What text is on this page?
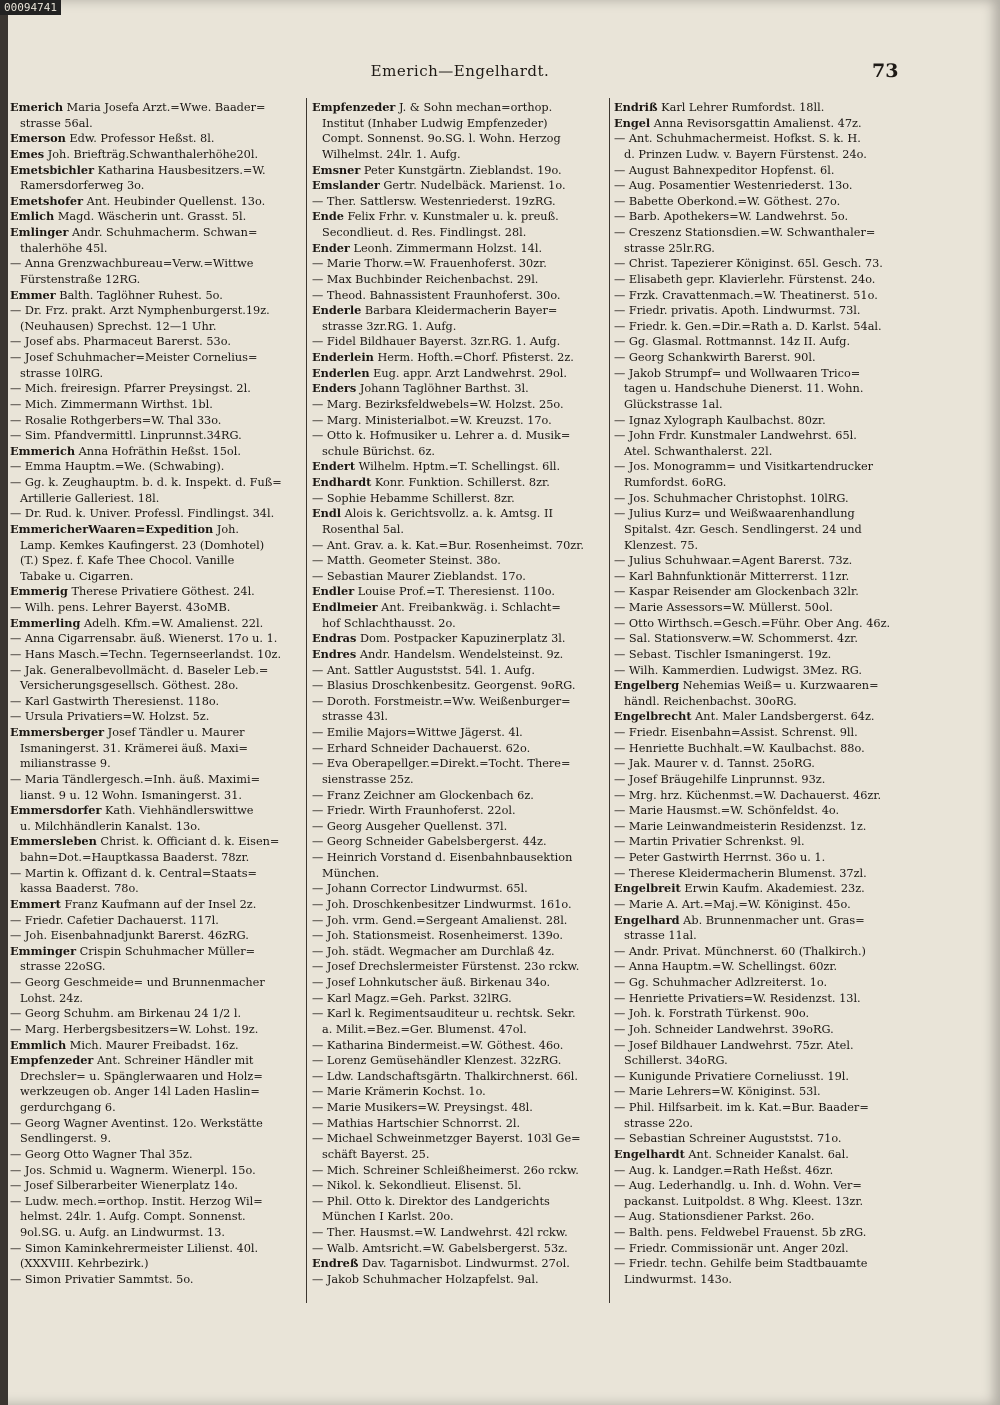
00094741
Emerich—Engelhardt.	73
Emerich Maria Josefa Arzt.=Wwe. Baader=
strasse 56al.
Emerson Edw. Professor Heßst. 8l.
Emes Joh. Briefträg.Schwanthalerhöhe20l.
Emetsbichler Katharina Hausbesitzers.=W.
Ramersdorferweg 3o.
Emetshofer Ant. Heubinder Quellenst. 13o.
Emlich Magd. Wäscherin unt. Grasst. 5l.
Emlinger Andr. Schuhmacherm. Schwan=
thalerhöhe 45l.
— Anna Grenzwachbureau=Verw.=Wittwe
Fürstenstraße 12RG.
Emmer Balth. Taglöhner Ruhest. 5o.
— Dr. Frz. prakt. Arzt Nymphenburgerst.19z.
(Neuhausen) Sprechst. 12—1 Uhr.
— Josef abs. Pharmaceut Barerst. 53o.
— Josef Schuhmacher=Meister Cornelius=
strasse 10lRG.
— Mich. freiresign. Pfarrer Preysingst. 2l.
— Mich. Zimmermann Wirthst. 1bl.
— Rosalie Rothgerbers=W. Thal 33o.
— Sim. Pfandvermittl. Linprunnst.34RG.
Emmerich Anna Hofräthin Heßst. 15ol.
— Emma Hauptm.=We. (Schwabing).
— Gg. k. Zeughauptm. b. d. k. Inspekt. d. Fuß=
Artillerie Galleriest. 18l.
— Dr. Rud. k. Univer. Professl. Findlingst. 34l.
EmmericherWaaren=Expedition Joh.
Lamp. Kemkes Kaufingerst. 23 (Domhotel)
(T.) Spez. f. Kafe Thee Chocol. Vanille
Tabake u. Cigarren.
Emmerig Therese Privatiere Göthest. 24l.
— Wilh. pens. Lehrer Bayerst. 43oMB.
Emmerling Adelh. Kfm.=W. Amalienst. 22l.
— Anna Cigarrensabr. äuß. Wienerst. 17o u. 1.
— Hans Masch.=Techn. Tegernseerlandst. 10z.
— Jak. Generalbevollmächt. d. Baseler Leb.=
Versicherungsgesellsch. Göthest. 28o.
— Karl Gastwirth Theresienst. 118o.
— Ursula Privatiers=W. Holzst. 5z.
Emmersberger Josef Tändler u. Maurer
Ismaningerst. 31. Krämerei äuß. Maxi=
milianstrasse 9.
— Maria Tändlergesch.=Inh. äuß. Maximi=
lianst. 9 u. 12 Wohn. Ismaningerst. 31.
Emmersdorfer Kath. Viehhändlerswittwe
u. Milchhändlerin Kanalst. 13o.
Emmersleben Christ. k. Officiant d. k. Eisen=
bahn=Dot.=Hauptkassa Baaderst. 78zr.
— Martin k. Offizant d. k. Central=Staats=
kassa Baaderst. 78o.
Emmert Franz Kaufmann auf der Insel 2z.
— Friedr. Cafetier Dachauerst. 117l.
— Joh. Eisenbahnadjunkt Barerst. 46zRG.
Emminger Crispin Schuhmacher Müller=
strasse 22oSG.
— Georg Geschmeide= und Brunnenmacher
Lohst. 24z.
— Georg Schuhm. am Birkenau 24 1/2 l.
— Marg. Herbergsbesitzers=W. Lohst. 19z.
Emmlich Mich. Maurer Freibadst. 16z.
Empfenzeder Ant. Schreiner Händler mit
Drechsler= u. Spänglerwaaren und Holz=
werkzeugen ob. Anger 14l Laden Haslin=
gerdurchgang 6.
— Georg Wagner Aventinst. 12o. Werkstätte
Sendlingerst. 9.
— Georg Otto Wagner Thal 35z.
— Jos. Schmid u. Wagnerm. Wienerpl. 15o.
— Josef Silberarbeiter Wienerplatz 14o.
— Ludw. mech.=orthop. Instit. Herzog Wil=
helmst. 24lr. 1. Aufg. Compt. Sonnenst.
9ol.SG. u. Aufg. an Lindwurmst. 13.
— Simon Kaminkehrermeister Lilienst. 40l.
(XXXVIII. Kehrbezirk.)
— Simon Privatier Sammtst. 5o.
Empfenzeder J. & Sohn mechan=orthop.
Institut (Inhaber Ludwig Empfenzeder)
Compt. Sonnenst. 9o.SG. l. Wohn. Herzog
Wilhelmst. 24lr. 1. Aufg.
Emsner Peter Kunstgärtn. Zieblandst. 19o.
Emslander Gertr. Nudelbäck. Marienst. 1o.
— Ther. Sattlersw. Westenriederst. 19zRG.
Ende Felix Frhr. v. Kunstmaler u. k. preuß.
Secondlieut. d. Res. Findlingst. 28l.
Ender Leonh. Zimmermann Holzst. 14l.
— Marie Thorw.=W. Frauenhoferst. 30zr.
— Max Buchbinder Reichenbachst. 29l.
— Theod. Bahnassistent Fraunhoferst. 30o.
Enderle Barbara Kleidermacherin Bayer=
strasse 3zr.RG. 1. Aufg.
— Fidel Bildhauer Bayerst. 3zr.RG. 1. Aufg.
Enderlein Herm. Hofth.=Chorf. Pfisterst. 2z.
Enderlen Eug. appr. Arzt Landwehrst. 29ol.
Enders Johann Taglöhner Barthst. 3l.
— Marg. Bezirksfeldwebels=W. Holzst. 25o.
— Marg. Ministerialbot.=W. Kreuzst. 17o.
— Otto k. Hofmusiker u. Lehrer a. d. Musik=
schule Bürichst. 6z.
Endert Wilhelm. Hptm.=T. Schellingst. 6ll.
Endhardt Konr. Funktion. Schillerst. 8zr.
— Sophie Hebamme Schillerst. 8zr.
Endl Alois k. Gerichtsvollz. a. k. Amtsg. II
Rosenthal 5al.
— Ant. Grav. a. k. Kat.=Bur. Rosenheimst. 70zr.
— Matth. Geometer Steinst. 38o.
— Sebastian Maurer Zieblandst. 17o.
Endler Louise Prof.=T. Theresienst. 110o.
Endlmeier Ant. Freibankwäg. i. Schlacht=
hof Schlachthausst. 2o.
Endras Dom. Postpacker Kapuzinerplatz 3l.
Endres Andr. Handelsm. Wendelsteinst. 9z.
— Ant. Sattler Auguststst. 54l. 1. Aufg.
— Blasius Droschkenbesitz. Georgenst. 9oRG.
— Doroth. Forstmeistr.=Ww. Weißenburger=
strasse 43l.
— Emilie Majors=Wittwe Jägerst. 4l.
— Erhard Schneider Dachauerst. 62o.
— Eva Oberapellger.=Direkt.=Tocht. There=
sienstrasse 25z.
— Franz Zeichner am Glockenbach 6z.
— Friedr. Wirth Fraunhoferst. 22ol.
— Georg Ausgeher Quellenst. 37l.
— Georg Schneider Gabelsbergerst. 44z.
— Heinrich Vorstand d. Eisenbahnbausektion
München.
— Johann Corrector Lindwurmst. 65l.
— Joh. Droschkenbesitzer Lindwurmst. 161o.
— Joh. vrm. Gend.=Sergeant Amalienst. 28l.
— Joh. Stationsmeist. Rosenheimerst. 139o.
— Joh. städt. Wegmacher am Durchlaß 4z.
— Josef Drechslermeister Fürstenst. 23o rckw.
— Josef Lohnkutscher äuß. Birkenau 34o.
— Karl Magz.=Geh. Parkst. 32lRG.
— Karl k. Regimentsauditeur u. rechtsk. Sekr.
a. Milit.=Bez.=Ger. Blumenst. 47ol.
— Katharina Bindermeist.=W. Göthest. 46o.
— Lorenz Gemüsehändler Klenzest. 32zRG.
— Ldw. Landschaftsgärtn. Thalkirchnerst. 66l.
— Marie Krämerin Kochst. 1o.
— Marie Musikers=W. Preysingst. 48l.
— Mathias Hartschier Schnorrst. 2l.
— Michael Schweinmetzger Bayerst. 103l Ge=
schäft Bayerst. 25.
— Mich. Schreiner Schleißheimerst. 26o rckw.
— Nikol. k. Sekondlieut. Elisenst. 5l.
— Phil. Otto k. Direktor des Landgerichts
München I Karlst. 20o.
— Ther. Hausmst.=W. Landwehrst. 42l rckw.
— Walb. Amtsricht.=W. Gabelsbergerst. 53z.
Endreß Dav. Tagarnisbot. Lindwurmst. 27ol.
— Jakob Schuhmacher Holzapfelst. 9al.
Endriß Karl Lehrer Rumfordst. 18ll.
Engel Anna Revisorsgattin Amalienst. 47z.
— Ant. Schuhmachermeist. Hofkst. S. k. H.
d. Prinzen Ludw. v. Bayern Fürstenst. 24o.
— August Bahnexpeditor Hopfenst. 6l.
— Aug. Posamentier Westenriederst. 13o.
— Babette Oberkond.=W. Göthest. 27o.
— Barb. Apothekers=W. Landwehrst. 5o.
— Creszenz Stationsdien.=W. Schwanthaler=
strasse 25lr.RG.
— Christ. Tapezierer Königinst. 65l. Gesch. 73.
— Elisabeth gepr. Klavierlehr. Fürstenst. 24o.
— Frzk. Cravattenmach.=W. Theatinerst. 51o.
— Friedr. privatis. Apoth. Lindwurmst. 73l.
— Friedr. k. Gen.=Dir.=Rath a. D. Karlst. 54al.
— Gg. Glasmal. Rottmannst. 14z II. Aufg.
— Georg Schankwirth Barerst. 90l.
— Jakob Strumpf= und Wollwaaren Trico=
tagen u. Handschuhe Dienerst. 11. Wohn.
Glückstrasse 1al.
— Ignaz Xylograph Kaulbachst. 80zr.
— John Frdr. Kunstmaler Landwehrst. 65l.
Atel. Schwanthalerst. 22l.
— Jos. Monogramm= und Visitkartendrucker
Rumfordst. 6oRG.
— Jos. Schuhmacher Christophst. 10lRG.
— Julius Kurz= und Weißwaarenhandlung
Spitalst. 4zr. Gesch. Sendlingerst. 24 und
Klenzest. 75.
— Julius Schuhwaar.=Agent Barerst. 73z.
— Karl Bahnfunktionär Mitterrerst. 11zr.
— Kaspar Reisender am Glockenbach 32lr.
— Marie Assessors=W. Müllerst. 50ol.
— Otto Wirthsch.=Gesch.=Führ. Ober Ang. 46z.
— Sal. Stationsverw.=W. Schommerst. 4zr.
— Sebast. Tischler Ismaningerst. 19z.
— Wilh. Kammerdien. Ludwigst. 3Mez. RG.
Engelberg Nehemias Weiß= u. Kurzwaaren=
händl. Reichenbachst. 30oRG.
Engelbrecht Ant. Maler Landsbergerst. 64z.
— Friedr. Eisenbahn=Assist. Schrenst. 9ll.
— Henriette Buchhalt.=W. Kaulbachst. 88o.
— Jak. Maurer v. d. Tannst. 25oRG.
— Josef Bräugehilfe Linprunnst. 93z.
— Mrg. hrz. Küchenmst.=W. Dachauerst. 46zr.
— Marie Hausmst.=W. Schönfeldst. 4o.
— Marie Leinwandmeisterin Residenzst. 1z.
— Martin Privatier Schrenkst. 9l.
— Peter Gastwirth Herrnst. 36o u. 1.
— Therese Kleidermacherin Blumenst. 37zl.
Engelbreit Erwin Kaufm. Akademiest. 23z.
— Marie A. Art.=Maj.=W. Königinst. 45o.
Engelhard Ab. Brunnenmacher unt. Gras=
strasse 11al.
— Andr. Privat. Münchnerst. 60 (Thalkirch.)
— Anna Hauptm.=W. Schellingst. 60zr.
— Gg. Schuhmacher Adlzreiterst. 1o.
— Henriette Privatiers=W. Residenzst. 13l.
— Joh. k. Forstrath Türkenst. 90o.
— Joh. Schneider Landwehrst. 39oRG.
— Josef Bildhauer Landwehrst. 75zr. Atel.
Schillerst. 34oRG.
— Kunigunde Privatiere Corneliusst. 19l.
— Marie Lehrers=W. Königinst. 53l.
— Phil. Hilfsarbeit. im k. Kat.=Bur. Baader=
strasse 22o.
— Sebastian Schreiner Auguststst. 71o.
Engelhardt Ant. Schneider Kanalst. 6al.
— Aug. k. Landger.=Rath Heßst. 46zr.
— Aug. Lederhandlg. u. Inh. d. Wohn. Ver=
packanst. Luitpoldst. 8 Whg. Kleest. 13zr.
— Aug. Stationsdiener Parkst. 26o.
— Balth. pens. Feldwebel Frauenst. 5b zRG.
— Friedr. Commissionär unt. Anger 20zl.
— Friedr. techn. Gehilfe beim Stadtbauamte
Lindwurmst. 143o.
